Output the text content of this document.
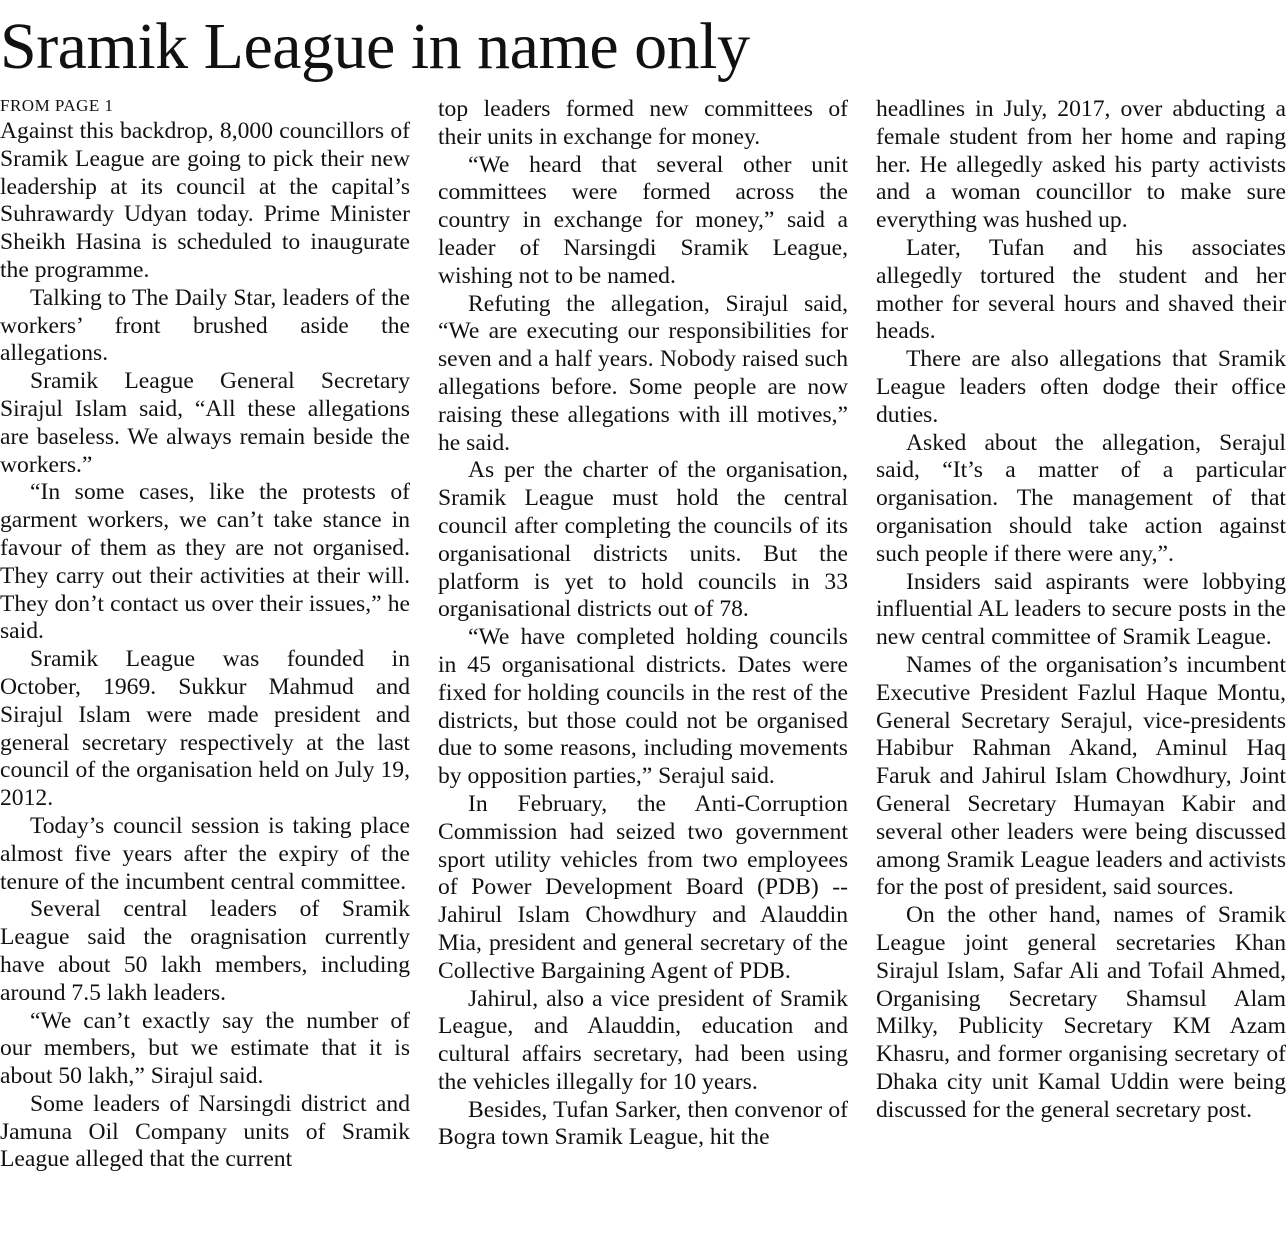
Sramik League in name only
FROM PAGE 1

Against this backdrop, 8,000 councillors of Sramik League are going to pick their new leadership at its council at the capital’s Suhrawardy Udyan today. Prime Minister Sheikh Hasina is scheduled to inaugurate the programme.

Talking to The Daily Star, leaders of the workers’ front brushed aside the allegations.

Sramik League General Secretary Sirajul Islam said, “All these allegations are baseless. We always remain beside the workers.”

“In some cases, like the protests of garment workers, we can’t take stance in favour of them as they are not organised. They carry out their activities at their will. They don’t contact us over their issues,” he said.

Sramik League was founded in October, 1969. Sukkur Mahmud and Sirajul Islam were made president and general secretary respectively at the last council of the organisation held on July 19, 2012.

Today’s council session is taking place almost five years after the expiry of the tenure of the incumbent central committee.

Several central leaders of Sramik League said the oragnisation currently have about 50 lakh members, including around 7.5 lakh leaders.

“We can’t exactly say the number of our members, but we estimate that it is about 50 lakh,” Sirajul said.

Some leaders of Narsingdi district and Jamuna Oil Company units of Sramik League alleged that the current

top leaders formed new committees of their units in exchange for money.

“We heard that several other unit committees were formed across the country in exchange for money,” said a leader of Narsingdi Sramik League, wishing not to be named.

Refuting the allegation, Sirajul said, “We are executing our responsibilities for seven and a half years. Nobody raised such allegations before. Some people are now raising these allegations with ill motives,” he said.

As per the charter of the organisation, Sramik League must hold the central council after completing the councils of its organisational districts units. But the platform is yet to hold councils in 33 organisational districts out of 78.

“We have completed holding councils in 45 organisational districts. Dates were fixed for holding councils in the rest of the districts, but those could not be organised due to some reasons, including movements by opposition parties,” Serajul said.

In February, the Anti-Corruption Commission had seized two government sport utility vehicles from two employees of Power Development Board (PDB) -- Jahirul Islam Chowdhury and Alauddin Mia, president and general secretary of the Collective Bargaining Agent of PDB.

Jahirul, also a vice president of Sramik League, and Alauddin, education and cultural affairs secretary, had been using the vehicles illegally for 10 years.

Besides, Tufan Sarker, then convenor of Bogra town Sramik League, hit the

headlines in July, 2017, over abducting a female student from her home and raping her. He allegedly asked his party activists and a woman councillor to make sure everything was hushed up.

Later, Tufan and his associates allegedly tortured the student and her mother for several hours and shaved their heads.

There are also allegations that Sramik League leaders often dodge their office duties.

Asked about the allegation, Serajul said, “It’s a matter of a particular organisation. The management of that organisation should take action against such people if there were any,”.

Insiders said aspirants were lobbying influential AL leaders to secure posts in the new central committee of Sramik League.

Names of the organisation’s incumbent Executive President Fazlul Haque Montu, General Secretary Serajul, vice-presidents Habibur Rahman Akand, Aminul Haq Faruk and Jahirul Islam Chowdhury, Joint General Secretary Humayan Kabir and several other leaders were being discussed among Sramik League leaders and activists for the post of president, said sources.

On the other hand, names of Sramik League joint general secretaries Khan Sirajul Islam, Safar Ali and Tofail Ahmed, Organising Secretary Shamsul Alam Milky, Publicity Secretary KM Azam Khasru, and former organising secretary of Dhaka city unit Kamal Uddin were being discussed for the general secretary post.
